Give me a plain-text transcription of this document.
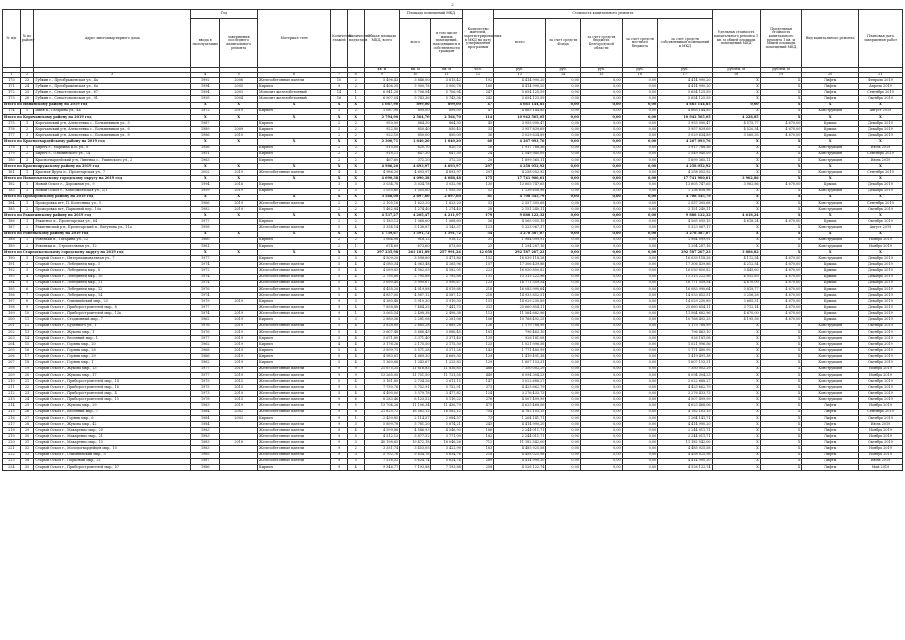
2
№ п/п	№ по району	Адрес многоквартирного дома	Год		Материал стен	Количество этажей	Количество подъездов	Общая площадь МКД, всего	Площадь помещений МКД		Количество жителей, зарегистрированных в МКД на дату утверждения программы	Стоимость капитального ремонта					Удельная стоимость капитального ремонта 1 кв. м общей площади помещений МКД	Предельная стоимость капитального ремонта 1 кв. м общей площади помещений МКД	Вид капитального ремонта	Плановая дата завершения работ
			ввода в эксплуатацию	завершения последнего капитального ремонта					всего	в том числе жилых помещений, находящихся в собственности граждан		всего	за счет средств Фонда	за счет средств бюджета Белгородской области	за счет средств местного бюджета	за счет средств собственников помещений в МКД				
								кв. м	кв. м	кв. м	чел.	руб.	руб.	руб.	руб.	руб.	рублей, м	рублей, м		
1	2	3	4	5	6	7	8	9	10	11	12	13	14	15	16	17	18	19	20	21
170	23	Губкин г., Преображенская ул., 4а	1992	2006	Железобетонные панели	10	2	5 496,43	3 846,00	3 615,42	192	4 414 990,20	0,00	0,00	0,00	4 414 990,20	X	X	Лифты	Февраль 2019
171	24	Губкин г., Преображенская ул., 6а	1994	2005	Кирпич	9	2	4 406,35	3 900,78	3 900,78	160	4 414 990,20	0,00	0,00	0,00	4 414 990,20	X	X	Лифты	Апрель 2019
172	25	Губкин г., Севастопольская ул., 87	1994	2003	Монолит железобетонный	14	1	6 941,28	5 706,94	5 706,94	247	5 654 125,59	0,00	0,00	0,00	5 654 125,59	X	X	Лифты	Сентябрь 2019
173	26	Губкин г., Севастопольская ул., 91	1995	2004	Монолит железобетонный	16	1	6 907,54	5 743,36	5 743,36	242	5 654 125,59	0,00	0,00	0,00	5 654 125,59	X	X	Лифты	Октябрь 2019
Итого по Ивнянскому району на 2019 год			X	X	X	X	X	1 087,90	899,00	899,00	47	4 665 144,85	0,00	0,00	0,00	4 665 144,85	0,00	X	X	X
174	1	Ивня п., Гагарина ул., 44	1972	2019	Кирпич	2	2	1 087,90	899,00	899,00	47	4 665 144,85	0,00	0,00	0,00	4 665 144,85	X	X	Конструкция	Август 2019
Итого по Корочанскому району на 2019 год			X	X	X	X	X	2 794,90	2 564,70	2 564,70	114	10 942 565,05	0,00	0,00	0,00	10 942 565,05	4 228,85	X	X	X
175	1	Корочанский р-н, Алексеевка с., Большевиков ул., 5	1987		Кирпич	2	2	950,00	864,30	864,30	45	3 955 090,47	0,00	0,00	0,00	3 955 090,47	4 575,77	4 670,00	Крыша	Декабрь 2019
176	2	Корочанский р-н, Алексеевка с., Большевиков ул., 6	1989	2009	Кирпич	2	2	922,80	850,40	850,40	33	3 957 839,69	0,00	0,00	0,00	3 957 839,69	4 520,34	4 670,00	Крыша	Декабрь 2019
177	3	Корочанский р-н, Алексеевка с., Большевиков ул., 8	1986	2010	Кирпич	2	2	922,10	850,00	850,00	36	3 029 634,89	0,00	0,00	0,00	3 029 634,89	3 560,35	4 670,00	Крыша	Декабрь 2019
Итого по Красногвардейскому району на 2019 год			X	X	X	X	X	2 300,71	1 840,20	1 840,20	60	4 267 093,76	0,00	0,00	0,00	4 267 093,76	X	X	X	X
178	1	Бирюч г., Марьина В.В. ул., 8	1956		Кирпич	2	2	915,00	820,70	820,70	16	1 917 788,56	0,00	0,00	0,00	1 917 788,56	X	X	Конструкция	Июль 2019
179	2	Бирюч г., Ольминского ул., 14	1951		Кирпич	2	2	918,11	647,30	647,30	24	1 549 940,09	0,00	0,00	0,00	1 549 940,09	X	X	Конструкция	Сентябрь 2019
180	3	Красногвардейский р-н, Ливенка с., Ушинского ул., 2	1963		Кирпич	2	2	467,60	372,20	372,20	20	1 699 365,11	0,00	0,00	0,00	1 699 365,11	X	X	Конструкция	Июнь 2019
Итого по Краснояружскому району на 2019 год			X	X	X	X	X	4 986,20	4 693,97	4 693,97	297	4 258 052,92	0,00	0,00	0,00	4 258 052,92	X	X	X	X
181	1	Красная Яруга п., Пролетарская ул., 7	2002	2019	Железобетонные панели	4	4	4 986,20	4 693,97	4 693,97	297	4 258 052,92	0,00	0,00	0,00	4 258 052,92	X	X	Конструкция	Сентябрь 2019
Итого по Новооскольскому городскому округу на 2019 год			X	X	X	X	X	4 090,38	4 090,38	4 088,48	175	17 741 900,61	0,00	0,00	0,00	17 741 900,61	3 962,86	X	X	X
182	1	Новый Оскол г., Дорожная ул., 9	1994	2016	Кирпич	3	3	3 034,78	3 034,78	3 032,98	130	13 605 747,65	0,00	0,00	0,00	13 605 747,65	3 962,86	4 670,00	Крыша	Декабрь 2019
183	2	Новый Оскол г., Комсомольская ул., 2/1	1959	2019	Кирпич	2	3	1 055,60	1 055,60	1 055,50	52	1 136 658,98	0,00	0,00	0,00	1 136 658,98	X	X	Конструкция	Декабрь 2019
Итого по Прохоровскому району на 2019 год			X	X	X	X	X	3 568,00	2 897,60	2 897,60	81	4 708 545,79	0,00	0,00	0,00	4 708 545,79	X	X	X	X
184	1	Прохоровка пгт, П. Колесника ул., 5	1966	2019	Железобетонные панели	2	2	2 105,16	1 623,20	1 623,20	53	2 557 305,68	0,00	0,00	0,00	2 557 305,68	X	X	Конструкция	Сентябрь 2019
185	2	Прохоровка пгт, Парковый пер., 10а	1982	2019	Кирпич	2	2	1 462,84	1 274,40	1 274,40	28	2 151 240,11	0,00	0,00	0,00	2 151 240,11	X	X	Конструкция	Октябрь 2019
Итого по Ракитянскому району на 2019 год			X	X	X	X	X	4 537,27	4 205,47	4 211,97	179	9 888 122,32	0,00	0,00	0,00	9 888 122,32	4 618,24	X	X	X
186	1	Ракитное п., Пролетарская ул., 64	1977		Кирпич	2	2	1 183,13	1 068,60	1 068,60	56	4 565 055,15	0,00	0,00	0,00	4 565 055,15	4 618,24	4 670,00	Крыша	Октябрь 2019
187	2	Ракитянский р-н, Пролетарский п., Ватутина ул., 11а	1998		Железобетонные панели	5	4	3 354,14	3 136,87	3 143,37	123	5 323 067,17	0,00	0,00	0,00	5 323 067,17	X	X	Конструкция	Август 2019
Итого по Ровеньскому району на 2019 год			X	X	X	X	X	1 739,67	1 591,72	1 591,72	54	3 278 387,07	0,00	0,00	0,00	3 278 387,07	X	X	X	X
188	1	Ровеньки п., Гагарина ул., 12	1960		Кирпич	2	2	1 064,98	918,12	918,12	31	1 984 099,91	0,00	0,00	0,00	1 984 099,91	X	X	Конструкция	Ноябрь 2019
189	2	Ровеньки п., Строительная ул., 12	1961		Кирпич	2	1	674,69	673,60	673,60	23	1 294 287,16	0,00	0,00	0,00	1 294 287,16	X	X	Конструкция	Ноябрь 2019
Итого по Старооскольскому городскому округу на 2019 год			X	X	X	X	X	297 235,98	261 181,89	257 991,24	12 058	292 587 267,23	0,00	0,00	0,00	292 587 267,23	3 886,82	X	X	X
190	1	Старый Оскол г., Интернациональная ул., 7	1977		Кирпич	2	3	4 509,20	3 598,60	3 471,80	152	16 039 118,28	0,00	0,00	0,00	16 039 118,28	4 112,54	4 670,00	Конструкция	Декабрь 2019
191	2	Старый Оскол г., Лебединец мкр., 5	1974		Железобетонные панели	5	4	4 080,34	4 063,48	4 265,96	157	17 306 439,86	0,00	0,00	0,00	17 306 439,86	4 212,54	4 670,00	Крыша	Декабрь 2019
192	3	Старый Оскол г., Лебединец мкр., 8	1972		Железобетонные панели	5	4	4 089,83	4 582,05	4 582,05	223	16 050 850,82	0,00	0,00	0,00	16 050 850,82	3 445,60	4 670,00	Крыша	Декабрь 2019
193	4	Старый Оскол г., Лебединец мкр., 10	1974		Железобетонные панели	5	4	2 795,88	2 795,88	2 795,88	131	13 315 222,96	0,00	0,00	0,00	13 315 222,96	4 552,65	4 670,00	Крыша	Декабрь 2019
194	5	Старый Оскол г., Лебединец мкр., 11	1974		Железобетонные панели	5	4	3 690,40	3 990,67	3 990,67	125	16 771 559,54	0,00	0,00	0,00	16 771 559,54	4 670,00	4 670,00	Крыша	Декабрь 2019
195	6	Старый Оскол г., Лебединец мкр., 12	1976		Железобетонные панели	5	4	4 455,20	4 019,88	4 019,88	218	16 083 990,64	0,00	0,00	0,00	16 083 990,64	3 819,77	4 670,00	Крыша	Декабрь 2019
196	7	Старый Оскол г., Лебединец мкр., 14	1974		Железобетонные панели	5	4	4 857,00	4 587,12	4 587,12	218	14 933 852,51	0,00	0,00	0,00	14 933 852,51	3 256,28	4 670,00	Крыша	Декабрь 2019
197	8	Старый Оскол г., Олимпийский мкр., 23	1979	2019	Кирпич	9	3	4 380,48	3 910,30	3 910,30	151	14 029 230,89	0,00	0,00	0,00	14 029 230,89	3 685,31	4 670,00	Крыша	Декабрь 2019
198	9	Старый Оскол г., Приборостроителей мкр., 8	1977		Железобетонные панели	9	4	7 858,88	7 484,35	7 441,73	333	25 660 854,11	0,00	0,00	0,00	25 660 854,11	3 712,14	4 670,00	Крыша	Декабрь 2019
199	10	Старый Оскол г., Приборостроителей мкр., 13а	1974	2019	Железобетонные панели	9	1	3 065,54	2 498,38	2 498,38	113	11 564 682,96	0,00	0,00	0,00	11 564 682,96	4 670,00	4 670,00	Крыша	Декабрь 2019
200	11	Старый Оскол г., Стадионный мкр., 7	1962	2019	Кирпич	3	3	2 880,56	2 281,08	2 281,08	106	10 768 492,25	0,00	0,00	0,00	10 768 492,25	4 195,58	4 670,00	Крыша	Декабрь 2019
201	12	Старый Оскол г., Будённого ул., 1	1976	2019	Железобетонные панели	5	4	3 828,00	2 885,28	2 885,28	126	1 179 788,99	0,00	0,00	0,00	1 179 788,99	X	X	Конструкция	Октябрь 2019
202	13	Старый Оскол г., Жукова мкр., 1	1976	2019	Железобетонные панели	5	4	3 607,48	3 686,45	3 686,45	181	796 463,10	0,00	0,00	0,00	796 463,10	X	X	Конструкция	Октябрь 2019
203	14	Старый Оскол г., Весенний мкр., 1	1977	2019	Кирпич	5	4	3 671,80	3 371,40	3 371,40	139	926 181,08	0,00	0,00	0,00	926 181,08	X	X	Конструкция	Октябрь 2019
204	15	Старый Оскол г., Горняк мкр., 20	1962	2019	Кирпич	4	4	3 176,26	2 175,50	2 175,50	123	1 021 996,56	0,00	0,00	0,00	1 021 996,56	X	X	Конструкция	Октябрь 2019
205	16	Старый Оскол г., Горняк мкр., 28	1968	2019	Кирпич	5	4	3 899,71	3 571,28	3 571,28	143	1 771 480,99	0,00	0,00	0,00	1 771 480,99	X	X	Конструкция	Октябрь 2019
206	17	Старый Оскол г., Горняк мкр., 29	1966	2019	Кирпич	5	4	4 983,81	4 669,30	4 669,30	129	1 419 491,38	0,00	0,00	0,00	1 419 491,38	X	X	Конструкция	Октябрь 2019
207	18	Старый Оскол г., Горняк мкр., 1	1962	2019	Кирпич	5	4	1 360,88	1 243,67	1 225,83	129	1 607 153,31	0,00	0,00	0,00	1 607 153,31	X	X	Конструкция	Октябрь 2019
208	19	Старый Оскол г., Жукова мкр., 13	1977	2019	Железобетонные панели	9	9	21 675,35	11 816,83	11 816,83	488	7 350 002,29	0,00	0,00	0,00	7 350 002,29	X	X	Конструкция	Ноябрь 2019
209	20	Старый Оскол г., Жукова мкр., 17	1977	2019	Железобетонные панели	9	9	13 265,00	11 751,50	11 721,55	449	8 094 304,23	0,00	0,00	0,00	8 094 304,23	X	X	Конструкция	Ноябрь 2019
210	21	Старый Оскол г., Приборостроителей мкр., 14	1975	2015	Железобетонные панели	5	4	3 161,80	2 734,26	2 611,15	147	3 022 688,27	0,00	0,00	0,00	3 022 688,27	X	X	Конструкция	Октябрь 2019
211	22	Старый Оскол г., Приборостроителей мкр., 16	1975	2015	Железобетонные панели	9	5	7 750,76	5 752,91	5 752,91	373	4 425 662,79	0,00	0,00	0,00	4 425 662,79	X	X	Конструкция	Октябрь 2019
212	23	Старый Оскол г., Приборостроителей мкр., 4	1973	2019	Железобетонные панели	5	4	4 490,00	3 579,78	3 477,82	124	3 276 433,73	0,00	0,00	0,00	3 276 433,73	X	X	Конструкция	Октябрь 2019
213	24	Старый Оскол г., Приборостроителей мкр., 15	1978	2015	Железобетонные панели	9	6	8 283,46	6 123,52	5 110,22	276	4 507 499,99	0,00	0,00	0,00	4 507 499,99	X	X	Конструкция	Октябрь 2019
214	25	Старый Оскол г., Жукова мкр., 29	1983	2019	Железобетонные панели	9	5	13 704,28	11 106,34	11 436,79	475	4 625 468,06	0,00	0,00	0,00	4 625 468,06	X	X	Лифты	Ноябрь 2019
215	26	Старый Оскол г., Весенний мкр., 7	1984	2002	Железобетонные панели	9	8	21 825,72	16 582,12	16 582,12	754	4 782 103,15	0,00	0,00	0,00	4 782 103,15	X	X	Лифты	Сентябрь 2019
216	27	Старый Оскол г., Горняк мкр., 6	1984	2003	Кирпич	9	1	2 459,85	2 114,57	2 084,57	73	1 264 141,71	0,00	0,00	0,00	1 264 141,71	X	X	Лифты	Октябрь 2019
217	28	Старый Оскол г., Жукова мкр., 42	1984		Железобетонные панели	9	3	5 899,78	5 781,20	5 674,21	243	4 414 990,20	0,00	0,00	0,00	4 414 990,20	X	X	Лифты	Июль 2019
218	29	Старый Оскол г., Макаренко мкр., 20	1983		Железобетонные панели	9	4	4 599,86	4 546,93	4 546,93	186	2 244 011,71	0,00	0,00	0,00	2 244 011,71	X	X	Лифты	Ноябрь 2019
219	30	Старый Оскол г., Макаренко мкр., 21	1983		Железобетонные панели	9	5	4 512,13	3 877,52	3 771,09	182	2 244 011,71	0,00	0,00	0,00	2 244 011,71	X	X	Лифты	Ноябрь 2019
220	31	Старый Оскол г., Макаренко мкр., 15	1983	2018	Железобетонные панели	9	3	40 198,65	19 472,18	16 046,26	712	11 182 542,00	0,00	0,00	0,00	11 182 542,00	X	X	Лифты	Октябрь 2019
221	32	Старый Оскол г., Молодогвардейцев мкр., 10	1983		Железобетонные панели	9	2	3 351,74	3 453,05	3 422,99	183	4 485 925,58	0,00	0,00	0,00	4 485 925,58	X	X	Лифты	Ноябрь 2019
222	33	Старый Оскол г., Олимпийский мкр., 5	1985		Железобетонные панели	9	3	5 702,76	5 634,76	5 634,76	218	4 458 025,98	0,00	0,00	0,00	4 458 025,98	X	X	Лифты	Ноябрь 2019
223	34	Старый Оскол г., Парковый мкр., 21	1987		Железобетонные панели	9	3	7 516,32	5 624,74	5 624,74	289	4 414 990,20	0,00	0,00	0,00	4 414 990,20	X	X	Лифты	Июнь 2019
224	35	Старый Оскол г., Приборостроителей мкр., 57	1986		Кирпич	9	4	9 346,77	7 193,88	7 193,88	258	4 526 122,74	0,00	0,00	0,00	4 526 122,74	X	X	Лифты	Май 2019
